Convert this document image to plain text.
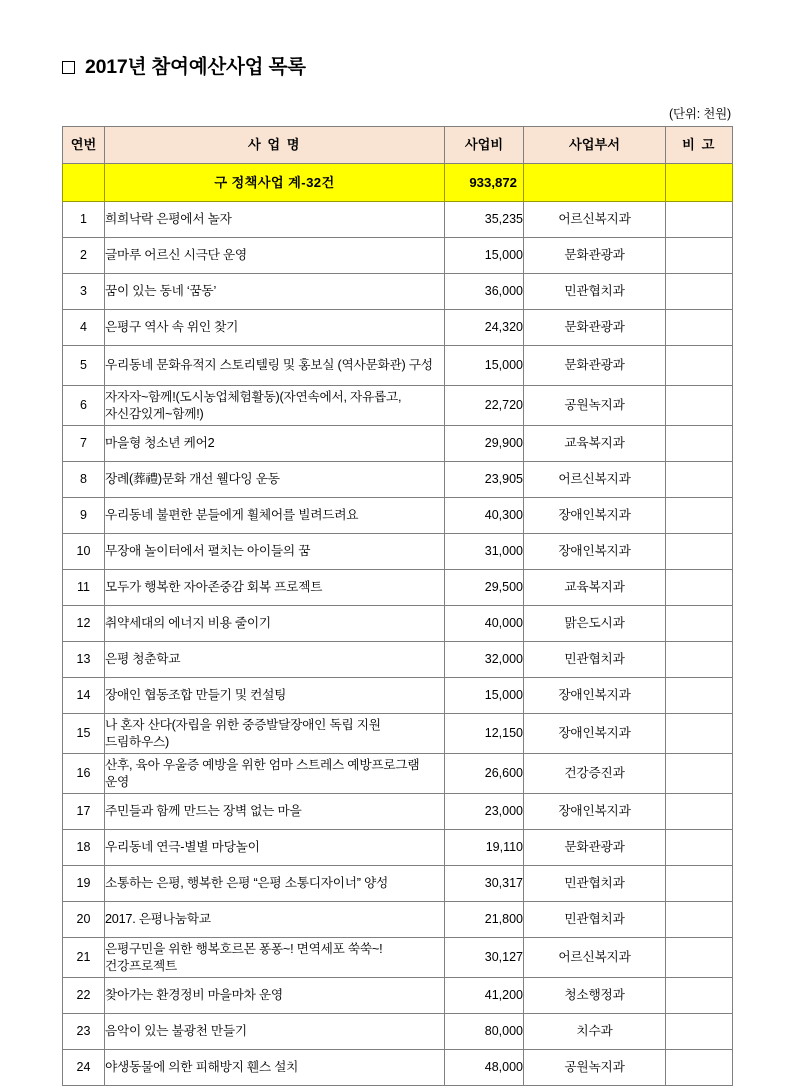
2017년 참여예산사업 목록
(단위: 천원)
연번	사 업 명	사업비	사업부서	비 고
	구 정책사업 계-32건	933,872		
1	희희낙락 은평에서 놀자	35,235	어르신복지과	
2	글마루 어르신 시극단 운영	15,000	문화관광과	
3	꿈이 있는 동네 ‘꿈동’	36,000	민관협치과	
4	은평구 역사 속 위인 찾기	24,320	문화관광과	
5	우리동네 문화유적지 스토리텔링 및 홍보실 (역사문화관) 구성	15,000	문화관광과	
6	자자자~함께!(도시농업체험활동)(자연속에서, 자유롭고, 자신감있게~함께!)	22,720	공원녹지과	
7	마을형 청소년 케어2	29,900	교육복지과	
8	장례(葬禮)문화 개선 웰다잉 운동	23,905	어르신복지과	
9	우리동네 불편한 분들에게 휠체어를 빌려드려요	40,300	장애인복지과	
10	무장애 놀이터에서 펼치는 아이들의 꿈	31,000	장애인복지과	
11	모두가 행복한 자아존중감 회복 프로젝트	29,500	교육복지과	
12	취약세대의 에너지 비용 줄이기	40,000	맑은도시과	
13	은평 청춘학교	32,000	민관협치과	
14	장애인 협동조합 만들기 및 컨설팅	15,000	장애인복지과	
15	나 혼자 산다(자립을 위한 중증발달장애인 독립 지원 드림하우스)	12,150	장애인복지과	
16	산후, 육아 우울증 예방을 위한 엄마 스트레스 예방프로그램 운영	26,600	건강증진과	
17	주민들과 함께 만드는 장벽 없는 마을	23,000	장애인복지과	
18	우리동네 연극-별별 마당놀이	19,110	문화관광과	
19	소통하는 은평, 행복한 은평 “은평 소통디자이너” 양성	30,317	민관협치과	
20	2017. 은평나눔학교	21,800	민관협치과	
21	은평구민을 위한 행복호르몬 퐁퐁~! 면역세포 쑥쑥~! 건강프로젝트	30,127	어르신복지과	
22	찾아가는 환경정비 마을마차 운영	41,200	청소행정과	
23	음악이 있는 불광천 만들기	80,000	치수과	
24	야생동물에 의한 피해방지 휀스 설치	48,000	공원녹지과	
